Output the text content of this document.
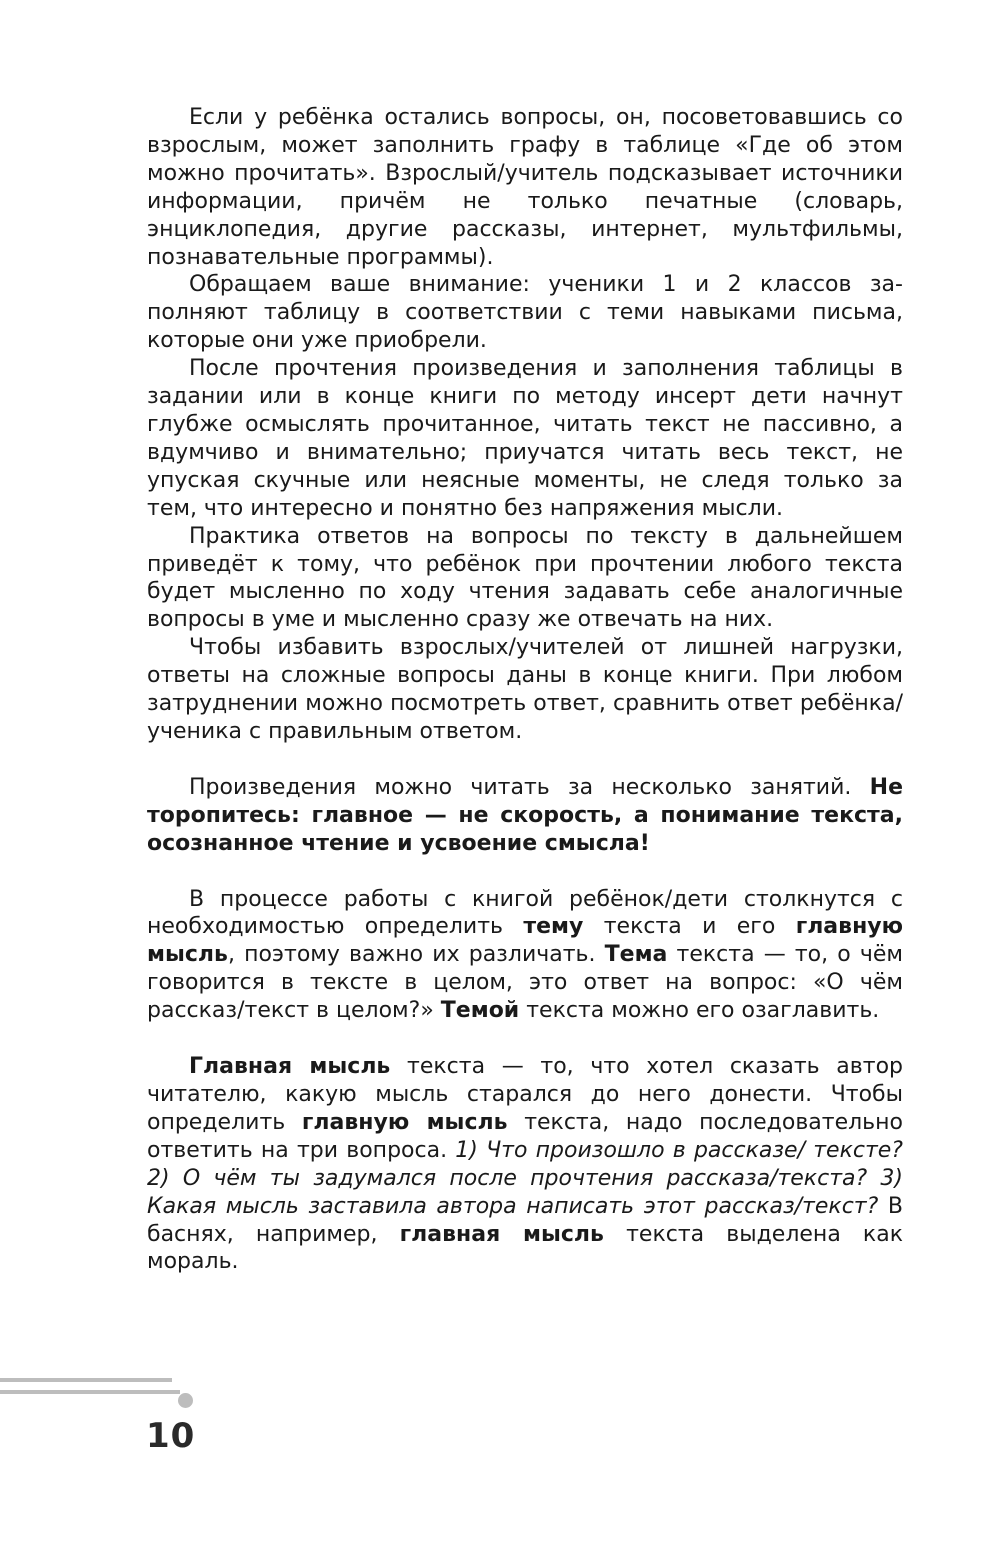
Если у ребёнка остались вопросы, он, посоветовавшись со взрослым, может заполнить графу в таблице «Где об этом можно прочитать». Взрослый/учитель подсказывает источники информации, причём не только печатные (словарь, энциклопедия, другие рассказы, интернет, мультфильмы, познавательные программы).

Обращаем ваше внимание: ученики 1 и 2 классов заполняют таблицу в соответствии с теми навыками письма, которые они уже приобрели.

После прочтения произведения и заполнения таблицы в задании или в конце книги по методу инсерт дети начнут глубже осмыслять прочитанное, читать текст не пассивно, а вдумчиво и внимательно; приучатся читать весь текст, не упуская скучные или неясные моменты, не следя только за тем, что интересно и понятно без напряжения мысли.

Практика ответов на вопросы по тексту в дальнейшем приведёт к тому, что ребёнок при прочтении любого текста будет мысленно по ходу чтения задавать себе аналогичные вопросы в уме и мысленно сразу же отвечать на них.

Чтобы избавить взрослых/учителей от лишней нагрузки, ответы на сложные вопросы даны в конце книги. При любом затруднении можно посмотреть ответ, сравнить ответ ребёнка/ученика с правильным ответом.

Произведения можно читать за несколько занятий. Не торопитесь: главное — не скорость, а понимание текста, осознанное чтение и усвоение смысла!

В процессе работы с книгой ребёнок/дети столкнутся с необходимостью определить тему текста и его главную мысль, поэтому важно их различать. Тема текста — то, о чём говорится в тексте в целом, это ответ на вопрос: «О чём рассказ/текст в целом?» Темой текста можно его озаглавить.

Главная мысль текста — то, что хотел сказать автор читателю, какую мысль старался до него донести. Чтобы определить главную мысль текста, надо последовательно ответить на три вопроса. 1) Что произошло в рассказе/ тексте? 2) О чём ты задумался после прочтения рассказа/текста? 3) Какая мысль заставила автора написать этот рассказ/текст? В баснях, например, главная мысль текста выделена как мораль.

10
